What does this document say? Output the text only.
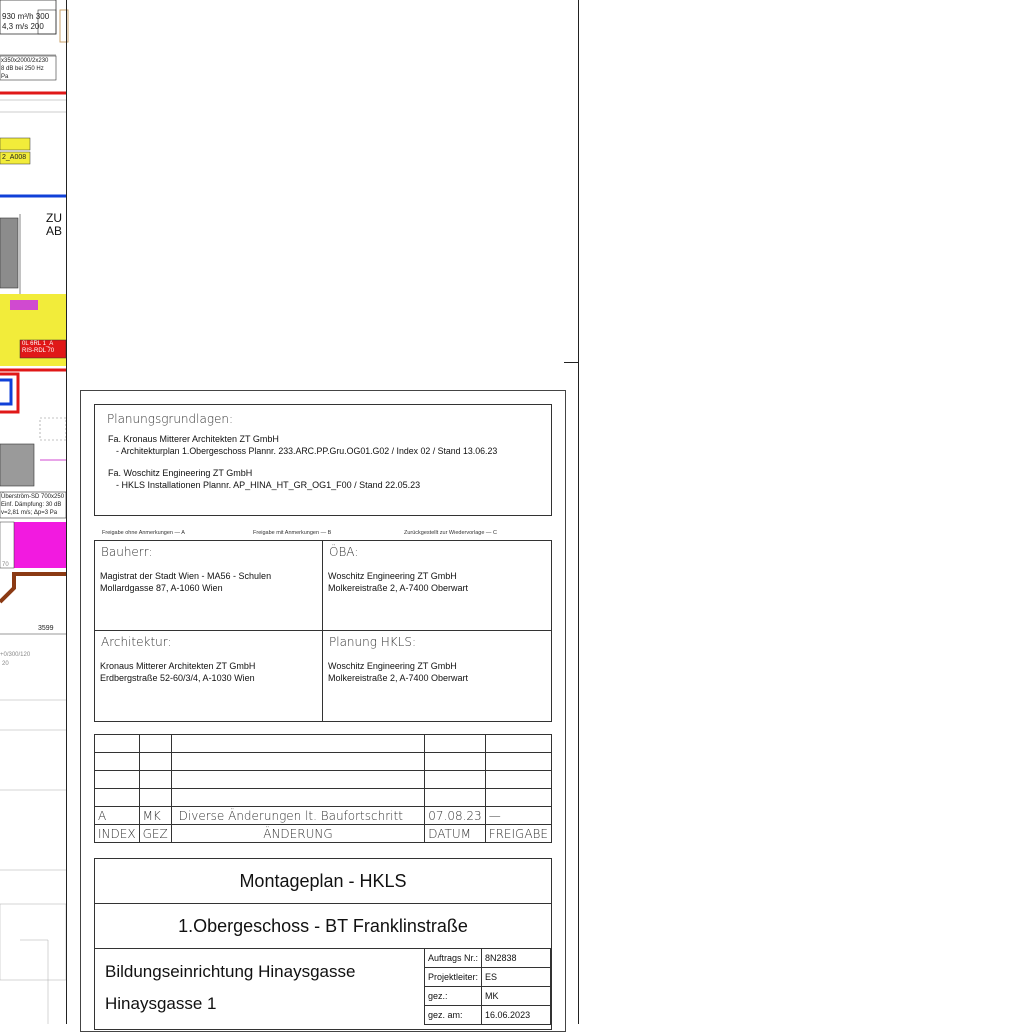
930 m³/h 300
4,3 m/s 200
x350x2000/2x230
8 dB bei 250 Hz
Pa
2_A008
ZU
AB
0L 6RL 1_A
RIS-RDL 70
Überström-SD 700x250
Einf. Dämpfung: 30 dB
v=2,81 m/s; Δp=3 Pa
70
3599
+0/300/120
20
Planungsgrundlagen:
Fa. Kronaus Mitterer Architekten ZT GmbH
- Architekturplan 1.Obergeschoss Plannr. 233.ARC.PP.Gru.OG01.G02 / Index 02 / Stand 13.06.23
Fa. Woschitz Engineering ZT GmbH
- HKLS Installationen Plannr. AP_HINA_HT_GR_OG1_F00 / Stand 22.05.23
Freigabe ohne Anmerkungen — A	Freigabe mit Anmerkungen — B	Zurückgestellt zur Wiedervorlage — C
Bauherr:
Magistrat der Stadt Wien - MA56 - Schulen
Mollardgasse 87, A-1060 Wien
ÖBA:
Woschitz Engineering ZT GmbH
Molkereistraße 2, A-7400 Oberwart
Architektur:
Kronaus Mitterer Architekten ZT GmbH
Erdbergstraße 52-60/3/4, A-1030 Wien
Planung HKLS:
Woschitz Engineering ZT GmbH
Molkereistraße 2, A-7400 Oberwart

A	MK	Diverse Änderungen lt. Baufortschritt	07.08.23	—
INDEX	GEZ	ÄNDERUNG	DATUM	FREIGABE
Montageplan - HKLS
1.Obergeschoss - BT Franklinstraße
Bildungseinrichtung Hinaysgasse
Hinaysgasse 1
Auftrags Nr.:	8N2838
Projektleiter:	ES
gez.:	MK
gez. am:	16.06.2023
